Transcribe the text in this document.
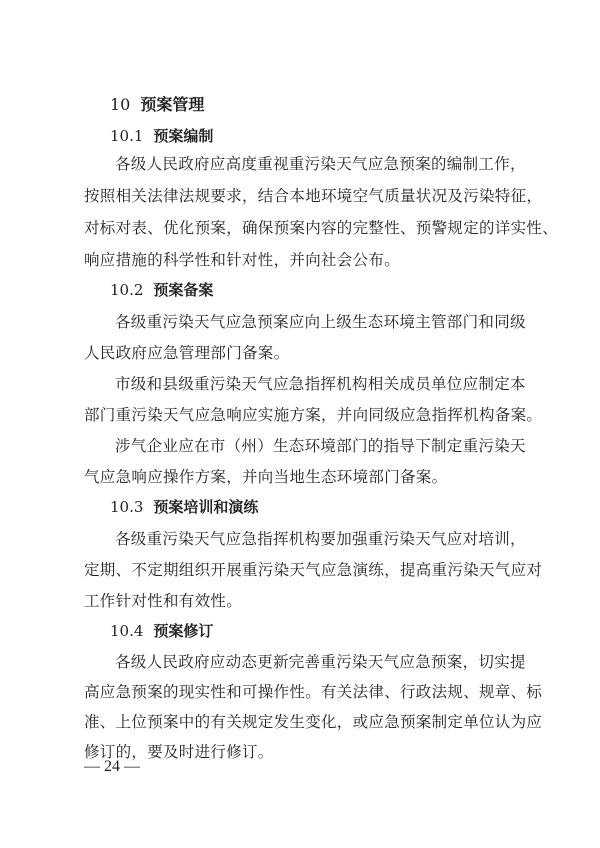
10 预案管理
10.1 预案编制
各级人民政府应高度重视重污染天气应急预案的编制工作，
按照相关法律法规要求，结合本地环境空气质量状况及污染特征，
对标对表、优化预案，确保预案内容的完整性、预警规定的详实性、
响应措施的科学性和针对性，并向社会公布。
10.2 预案备案
各级重污染天气应急预案应向上级生态环境主管部门和同级
人民政府应急管理部门备案。
市级和县级重污染天气应急指挥机构相关成员单位应制定本
部门重污染天气应急响应实施方案，并向同级应急指挥机构备案。
涉气企业应在市（州）生态环境部门的指导下制定重污染天
气应急响应操作方案，并向当地生态环境部门备案。
10.3 预案培训和演练
各级重污染天气应急指挥机构要加强重污染天气应对培训，
定期、不定期组织开展重污染天气应急演练，提高重污染天气应对
工作针对性和有效性。
10.4 预案修订
各级人民政府应动态更新完善重污染天气应急预案，切实提
高应急预案的现实性和可操作性。有关法律、行政法规、规章、标
准、上位预案中的有关规定发生变化，或应急预案制定单位认为应
修订的，要及时进行修订。
— 24 —
